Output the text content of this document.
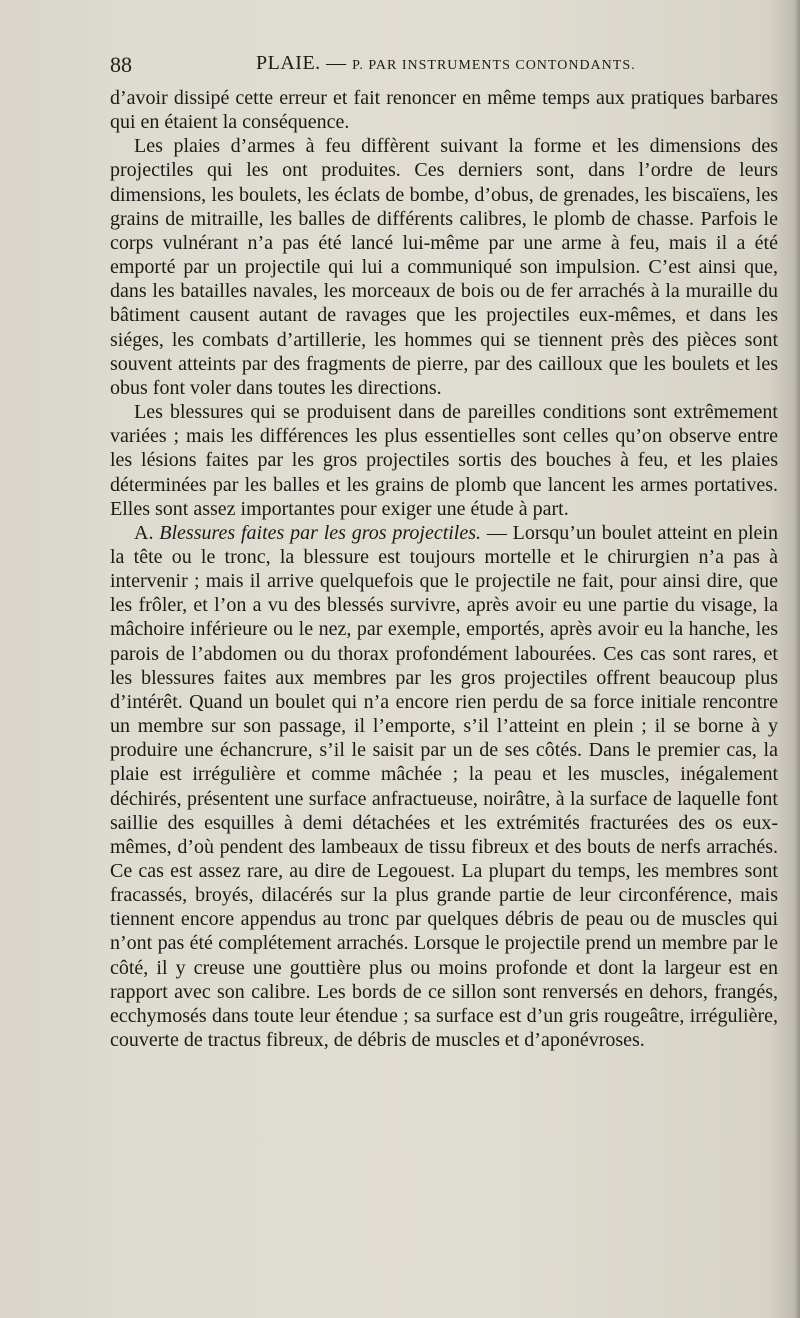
88	PLAIE. — P. PAR INSTRUMENTS CONTONDANTS.

d’avoir dissipé cette erreur et fait renoncer en même temps aux pratiques barbares qui en étaient la conséquence.

Les plaies d’armes à feu diffèrent suivant la forme et les dimensions des projectiles qui les ont produites. Ces derniers sont, dans l’ordre de leurs dimensions, les boulets, les éclats de bombe, d’obus, de grenades, les biscaïens, les grains de mitraille, les balles de différents calibres, le plomb de chasse. Parfois le corps vulnérant n’a pas été lancé lui-même par une arme à feu, mais il a été emporté par un projectile qui lui a communiqué son impulsion. C’est ainsi que, dans les batailles navales, les morceaux de bois ou de fer arrachés à la muraille du bâtiment causent autant de ravages que les projectiles eux-mêmes, et dans les siéges, les combats d’artillerie, les hommes qui se tiennent près des pièces sont souvent atteints par des fragments de pierre, par des cailloux que les boulets et les obus font voler dans toutes les directions.

Les blessures qui se produisent dans de pareilles conditions sont extrêmement variées ; mais les différences les plus essentielles sont celles qu’on observe entre les lésions faites par les gros projectiles sortis des bouches à feu, et les plaies déterminées par les balles et les grains de plomb que lancent les armes portatives. Elles sont assez importantes pour exiger une étude à part.

A. Blessures faites par les gros projectiles. — Lorsqu’un boulet atteint en plein la tête ou le tronc, la blessure est toujours mortelle et le chirurgien n’a pas à intervenir ; mais il arrive quelquefois que le projectile ne fait, pour ainsi dire, que les frôler, et l’on a vu des blessés survivre, après avoir eu une partie du visage, la mâchoire inférieure ou le nez, par exemple, emportés, après avoir eu la hanche, les parois de l’abdomen ou du thorax profondément labourées. Ces cas sont rares, et les blessures faites aux membres par les gros projectiles offrent beaucoup plus d’intérêt. Quand un boulet qui n’a encore rien perdu de sa force initiale rencontre un membre sur son passage, il l’emporte, s’il l’atteint en plein ; il se borne à y produire une échancrure, s’il le saisit par un de ses côtés. Dans le premier cas, la plaie est irrégulière et comme mâchée ; la peau et les muscles, inégalement déchirés, présentent une surface anfractueuse, noirâtre, à la surface de laquelle font saillie des esquilles à demi détachées et les extrémités fracturées des os eux-mêmes, d’où pendent des lambeaux de tissu fibreux et des bouts de nerfs arrachés. Ce cas est assez rare, au dire de Legouest. La plupart du temps, les membres sont fracassés, broyés, dilacérés sur la plus grande partie de leur circonférence, mais tiennent encore appendus au tronc par quelques débris de peau ou de muscles qui n’ont pas été complétement arrachés. Lorsque le projectile prend un membre par le côté, il y creuse une gouttière plus ou moins profonde et dont la largeur est en rapport avec son calibre. Les bords de ce sillon sont renversés en dehors, frangés, ecchymosés dans toute leur étendue ; sa surface est d’un gris rougeâtre, irrégulière, couverte de tractus fibreux, de débris de muscles et d’aponévroses.
